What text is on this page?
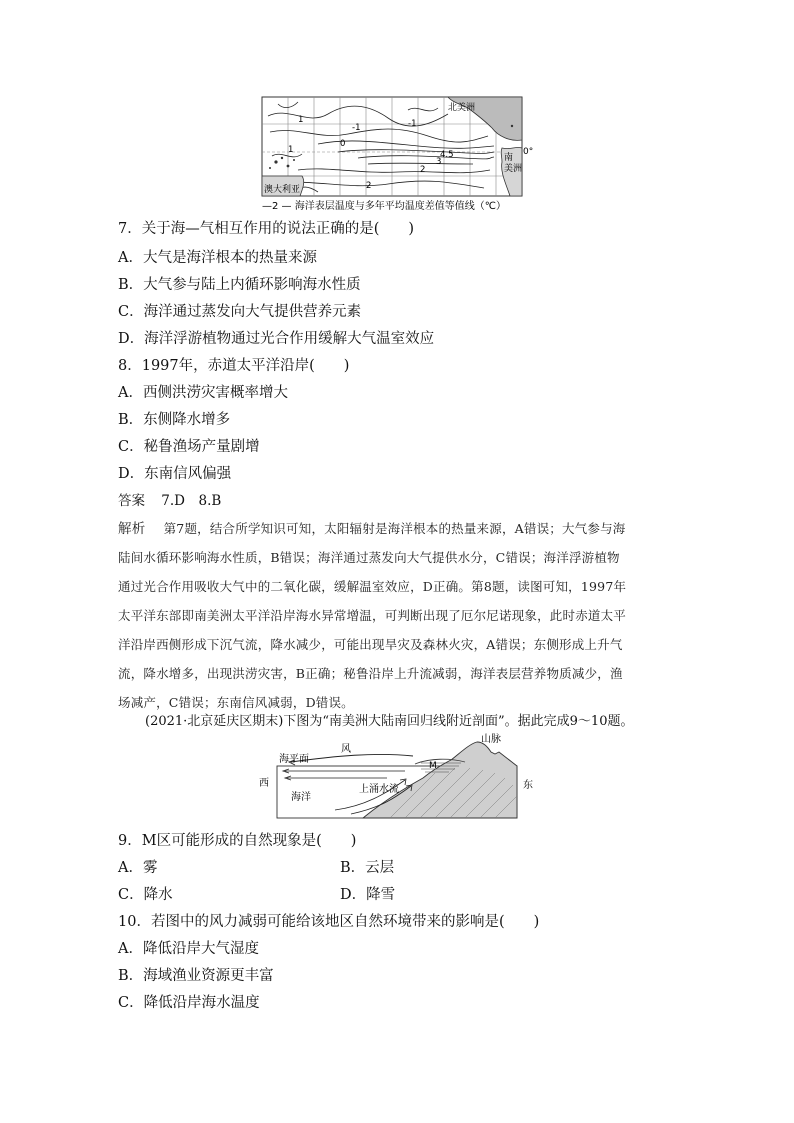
北美洲
南
美洲
澳大利亚
0°
1
-1
0
1
2
3
4.5
-1
2
—2 — 海洋表层温度与多年平均温度差值等值线（℃）
7．关于海—气相互作用的说法正确的是(　　)
A．大气是海洋根本的热量来源
B．大气参与陆上内循环影响海水性质
C．海洋通过蒸发向大气提供营养元素
D．海洋浮游植物通过光合作用缓解大气温室效应
8．1997年，赤道太平洋沿岸(　　)
A．西侧洪涝灾害概率增大
B．东侧降水增多
C．秘鲁渔场产量剧增
D．东南信风偏强
答案 7.D　8.B
解析 第7题，结合所学知识可知，太阳辐射是海洋根本的热量来源，A错误；大气参与海
陆间水循环影响海水性质，B错误；海洋通过蒸发向大气提供水分，C错误；海洋浮游植物
通过光合作用吸收大气中的二氧化碳，缓解温室效应，D正确。第8题，读图可知，1997年
太平洋东部即南美洲太平洋沿岸海水异常增温，可判断出现了厄尔尼诺现象，此时赤道太平
洋沿岸西侧形成下沉气流，降水减少，可能出现旱灾及森林火灾，A错误；东侧形成上升气
流，降水增多，出现洪涝灾害，B正确；秘鲁沿岸上升流减弱，海洋表层营养物质减少，渔
场减产，C错误；东南信风减弱，D错误。
(2021·北京延庆区期末)下图为“南美洲大陆南回归线附近剖面”。据此完成9～10题。
风
海平面
山脉
M
海洋
上涌水流
西	东
9．M区可能形成的自然现象是(　　)
A．雾	B．云层
C．降水	D．降雪
10．若图中的风力减弱可能给该地区自然环境带来的影响是(　　)
A．降低沿岸大气湿度
B．海域渔业资源更丰富
C．降低沿岸海水温度
